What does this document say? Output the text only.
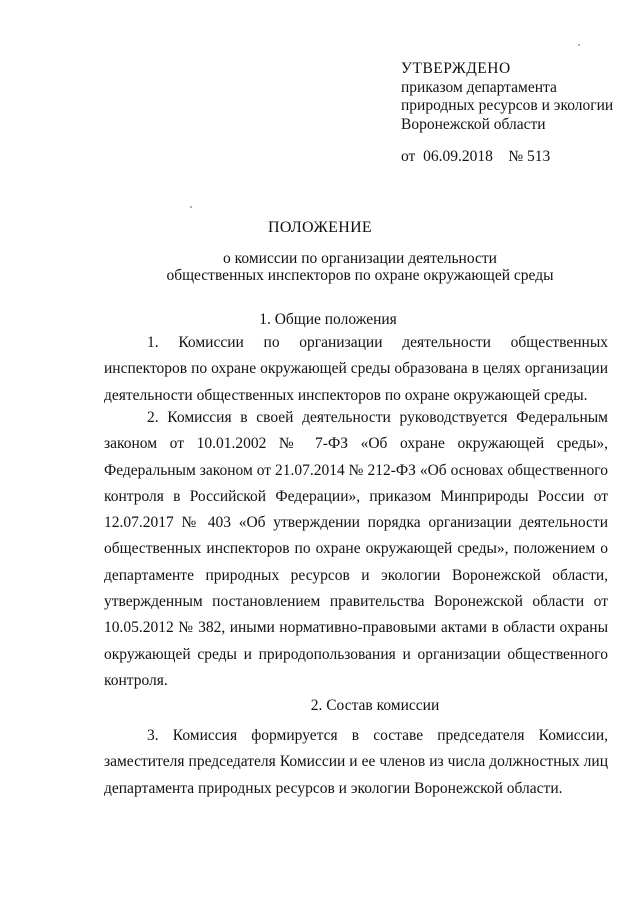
УТВЕРЖДЕНО
приказом департамента
природных ресурсов и экологии
Воронежской области
от  06.09.2018    № 513
ПОЛОЖЕНИЕ
о комиссии по организации деятельности
общественных инспекторов по охране окружающей среды
1. Общие положения
1. Комиссии по организации деятельности общественных инспекторов по охране окружающей среды образована в целях организации деятельности общественных инспекторов по охране окружающей среды.
2. Комиссия в своей деятельности руководствуется Федеральным законом от 10.01.2002 № 7-ФЗ «Об охране окружающей среды», Федеральным законом от 21.07.2014 № 212-ФЗ «Об основах общественного контроля в Российской Федерации», приказом Минприроды России от 12.07.2017 № 403 «Об утверждении порядка организации деятельности общественных инспекторов по охране окружающей среды», положением о департаменте природных ресурсов и экологии Воронежской области, утвержденным постановлением правительства Воронежской области от 10.05.2012 № 382, иными нормативно-правовыми актами в области охраны окружающей среды и природопользования и организации общественного контроля.
2. Состав комиссии
3. Комиссия формируется в составе председателя Комиссии, заместителя председателя Комиссии и ее членов из числа должностных лиц департамента природных ресурсов и экологии Воронежской области.
